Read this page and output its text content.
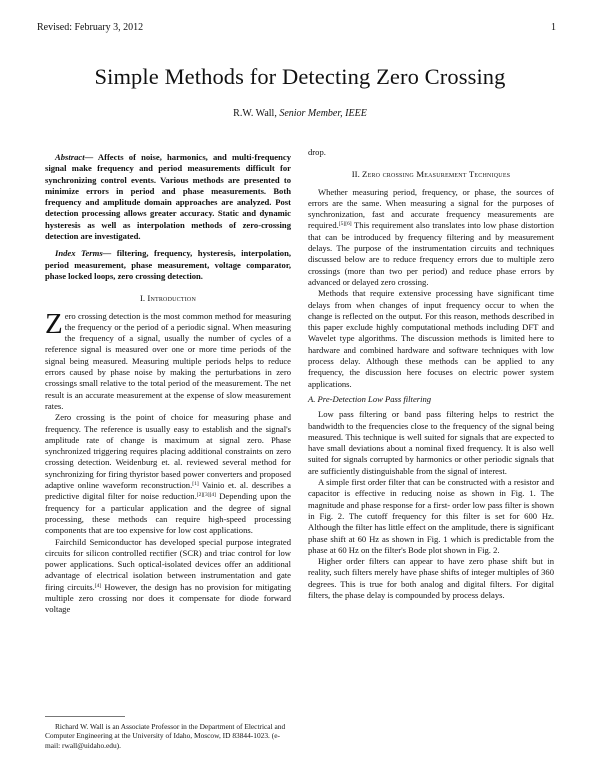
Revised: February 3, 2012	1
Simple Methods for Detecting Zero Crossing
R.W. Wall, Senior Member, IEEE

Abstract— Affects of noise, harmonics, and multi-frequency signal make frequency and period measurements difficult for synchronizing control events. Various methods are presented to minimize errors in period and phase measurements. Both frequency and amplitude domain approaches are analyzed. Post detection processing allows greater accuracy. Static and dynamic hysteresis as well as interpolation methods of zero-crossing detection are investigated.

Index Terms— filtering, frequency, hysteresis, interpolation, period measurement, phase measurement, voltage comparator, phase locked loops, zero crossing detection.

I. Introduction

Zero crossing detection is the most common method for measuring the frequency or the period of a periodic signal. When measuring the frequency of a signal, usually the number of cycles of a reference signal is measured over one or more time periods of the signal being measured. Measuring multiple periods helps to reduce errors caused by phase noise by making the perturbations in zero crossings small relative to the total period of the measurement. The net result is an accurate measurement at the expense of slow measurement rates.

Zero crossing is the point of choice for measuring phase and frequency. The reference is usually easy to establish and the signal's amplitude rate of change is maximum at signal zero. Phase synchronized triggering requires placing additional constraints on zero crossing detection. Weidenburg et. al. reviewed several method for synchronizing for firing thyristor based power converters and proposed adaptive online waveform reconstruction.[1] Vainio et. al. describes a predictive digital filter for noise reduction.[2][3][4] Depending upon the frequency for a particular application and the degree of signal processing, these methods can require high-speed processing components that are too expensive for low cost applications.

Fairchild Semiconductor has developed special purpose integrated circuits for silicon controlled rectifier (SCR) and triac control for low power applications. Such optical-isolated devices offer an additional advantage of electrical isolation between instrumentation and gate firing circuits.[4] However, the design has no provision for mitigating multiple zero crossing nor does it compensate for diode forward voltage

Richard W. Wall is an Associate Professor in the Department of Electrical and Computer Engineering at the University of Idaho, Moscow, ID 83844-1023. (e-mail: rwall@uidaho.edu).

drop.

II. Zero crossing Measurement Techniques

Whether measuring period, frequency, or phase, the sources of errors are the same. When measuring a signal for the purposes of synchronization, fast and accurate frequency measurements are required.[5][6] This requirement also translates into low phase distortion that can be introduced by frequency filtering and by measurement delays. The purpose of the instrumentation circuits and techniques discussed below are to reduce frequency errors due to multiple zero crossings (more than two per period) and reduce phase errors by advanced or delayed zero crossing.

Methods that require extensive processing have significant time delays from when changes of input frequency occur to when the change is reflected on the output. For this reason, methods described in this paper exclude highly computational methods including DFT and Wavelet type algorithms. The discussion methods is limited here to hardware and combined hardware and software techniques with low process delay. Although these methods can be applied to any frequency, the discussion here focuses on electric power system applications.

A. Pre-Detection Low Pass filtering

Low pass filtering or band pass filtering helps to restrict the bandwidth to the frequencies close to the frequency of the signal being measured. This technique is well suited for signals that are expected to have small deviations about a nominal fixed frequency. It is also well suited for signals corrupted by harmonics or other periodic signals that are sufficiently distinguishable from the signal of interest.

A simple first order filter that can be constructed with a resistor and capacitor is effective in reducing noise as shown in Fig. 1. The magnitude and phase response for a first- order low pass filter is shown in Fig. 2. The cutoff frequency for this filter is set for 600 Hz. Although the filter has little effect on the amplitude, there is significant phase shift at 60 Hz as shown in Fig. 1 which is predictable from the phase at 60 Hz on the filter's Bode plot shown in Fig. 2.

Higher order filters can appear to have zero phase shift but in reality, such filters merely have phase shifts of integer multiples of 360 degrees. This is true for both analog and digital filters. For digital filters, the phase delay is compounded by process delays.
